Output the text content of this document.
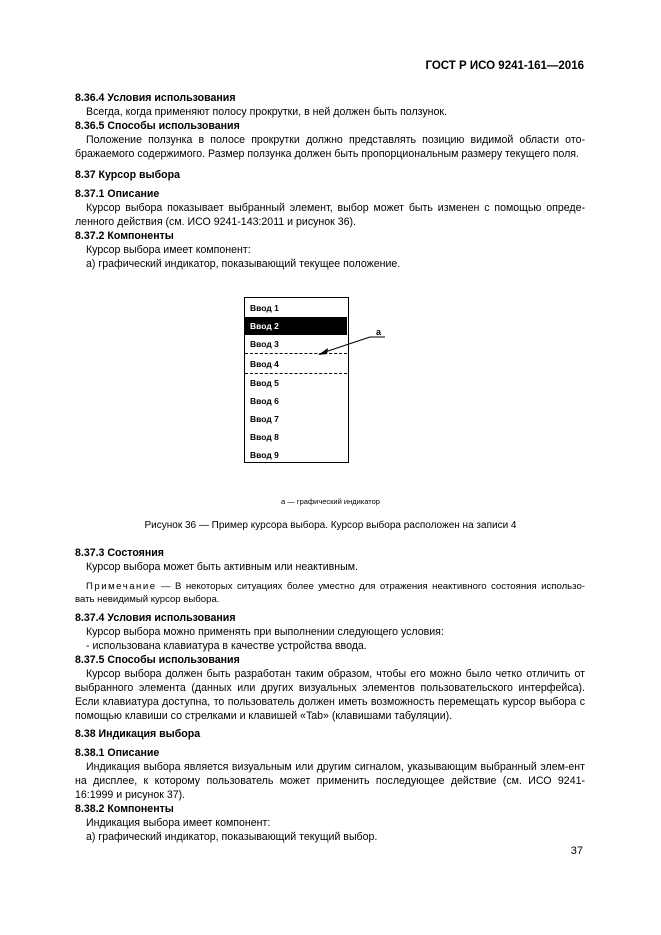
ГОСТ Р ИСО 9241-161—2016
8.36.4 Условия использования
Всегда, когда применяют полосу прокрутки, в ней должен быть ползунок.
8.36.5 Способы использования
Положение ползунка в полосе прокрутки должно представлять позицию видимой области ото-бражаемого содержимого. Размер ползунка должен быть пропорциональным размеру текущего поля.
8.37 Курсор выбора
8.37.1 Описание
Курсор выбора показывает выбранный элемент, выбор может быть изменен с помощью опреде-ленного действия (см. ИСО 9241-143:2011 и рисунок 36).
8.37.2 Компоненты
Курсор выбора имеет компонент:
а) графический индикатор, показывающий текущее положение.
Ввод 1
Ввод 2
Ввод 3
Ввод 4
Ввод 5
Ввод 6
Ввод 7
Ввод 8
Ввод 9
a
a — графический индикатор
Рисунок 36 — Пример курсора выбора. Курсор выбора расположен на записи 4
8.37.3 Состояния
Курсор выбора может быть активным или неактивным.
Примечание — В некоторых ситуациях более уместно для отражения неактивного состояния использо-вать невидимый курсор выбора.
8.37.4 Условия использования
Курсор выбора можно применять при выполнении следующего условия:
- использована клавиатура в качестве устройства ввода.
8.37.5 Способы использования
Курсор выбора должен быть разработан таким образом, чтобы его можно было четко отличить от выбранного элемента (данных или других визуальных элементов пользовательского интерфейса). Если клавиатура доступна, то пользователь должен иметь возможность перемещать курсор выбора с помощью клавиши со стрелками и клавишей «Tab» (клавишами табуляции).
8.38 Индикация выбора
8.38.1 Описание
Индикация выбора является визуальным или другим сигналом, указывающим выбранный элем-ент на дисплее, к которому пользователь может применить последующее действие (см. ИСО 9241-16:1999 и рисунок 37).
8.38.2 Компоненты
Индикация выбора имеет компонент:
а) графический индикатор, показывающий текущий выбор.
37
